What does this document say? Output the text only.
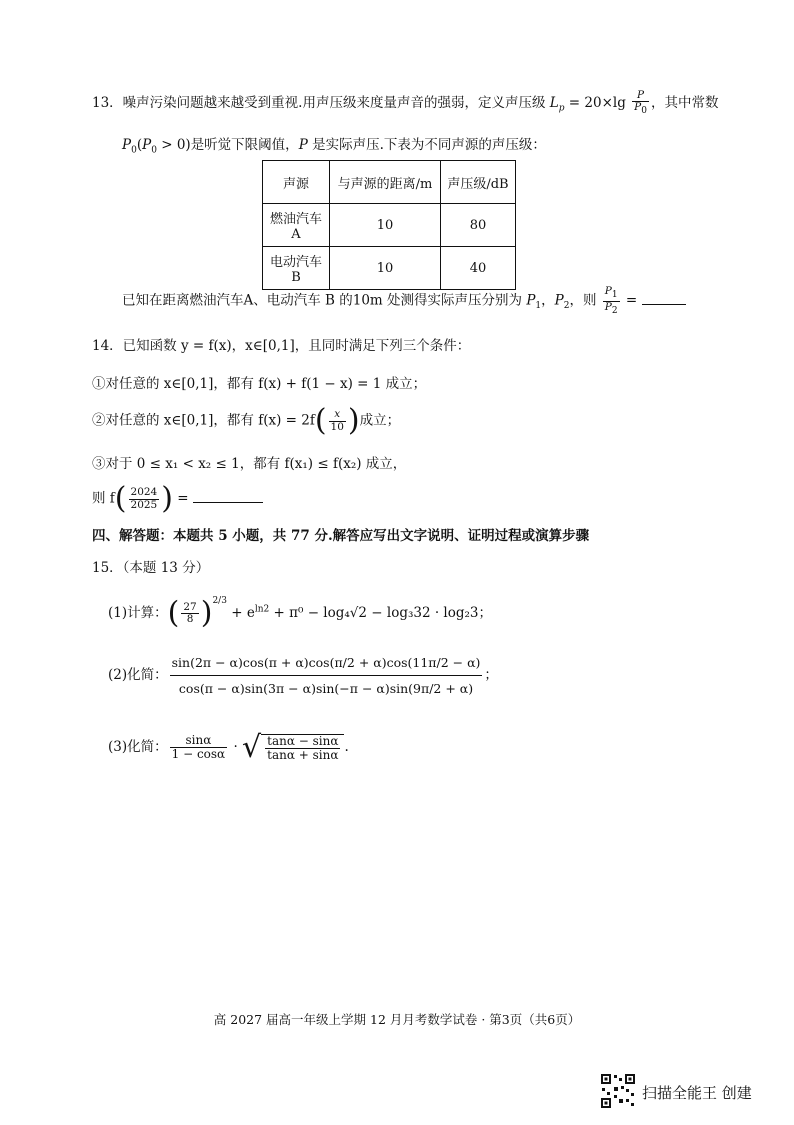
13．噪声污染问题越来越受到重视.用声压级来度量声音的强弱，定义声压级 $L_p = 20\times\lg \frac{P}{P_0}$ ，其中常数
$P_0(P_0 > 0)$是听觉下限阈值，P 是实际声压.下表为不同声源的声压级：
声源	与声源的距离/m	声压级/dB
燃油汽车 A	10	80
电动汽车 B	10	40
已知在距离燃油汽车A、电动汽车 B 的10m 处测得实际声压分别为 $P_1$，$P_2$，则 $\frac{P_1}{P_2}$ =
14．已知函数 y = f(x)，x∈[0,1]，且同时满足下列三个条件：
①对任意的 x∈[0,1]，都有 f(x) + f(1 − x) = 1 成立；
②对任意的 x∈[0,1]，都有 $f(x) = 2f( \frac{x}{10}$ )成立；
③对于 0 ≤ x₁ < x₂ ≤ 1，都有 f(x₁) ≤ f(x₂) 成立，
则 $f( \frac{2024}{2025}$ ) =
四、解答题：本题共 5 小题，共 77 分.解答应写出文字说明、证明过程或演算步骤
15．（本题 13 分）
(1)计算：( $\frac{27}{8} )^{2/3} + e^{ln2} + \pi^0 - \log_4√2 - \log_332 \cdot \log_23$；
(2)化简： $\frac{\sin(2\pi - \alpha)\cos(\pi + \alpha)\cos(\pi/2 + \alpha)\cos(11\pi/2 - \alpha)}{\cos(\pi - \alpha)\sin(3\pi - \alpha)\sin(-\pi - \alpha)\sin(9\pi/2 + \alpha)}$ ；
(3)化简： $\frac{\sin\alpha}{1 - \cos\alpha}$ · √ $\frac{\tan\alpha - \sin\alpha}{\tan\alpha + \sin\alpha}$ .
高 2027 届高一年级上学期 12 月月考数学试卷 · 第3页（共6页）
扫描全能王 创建
